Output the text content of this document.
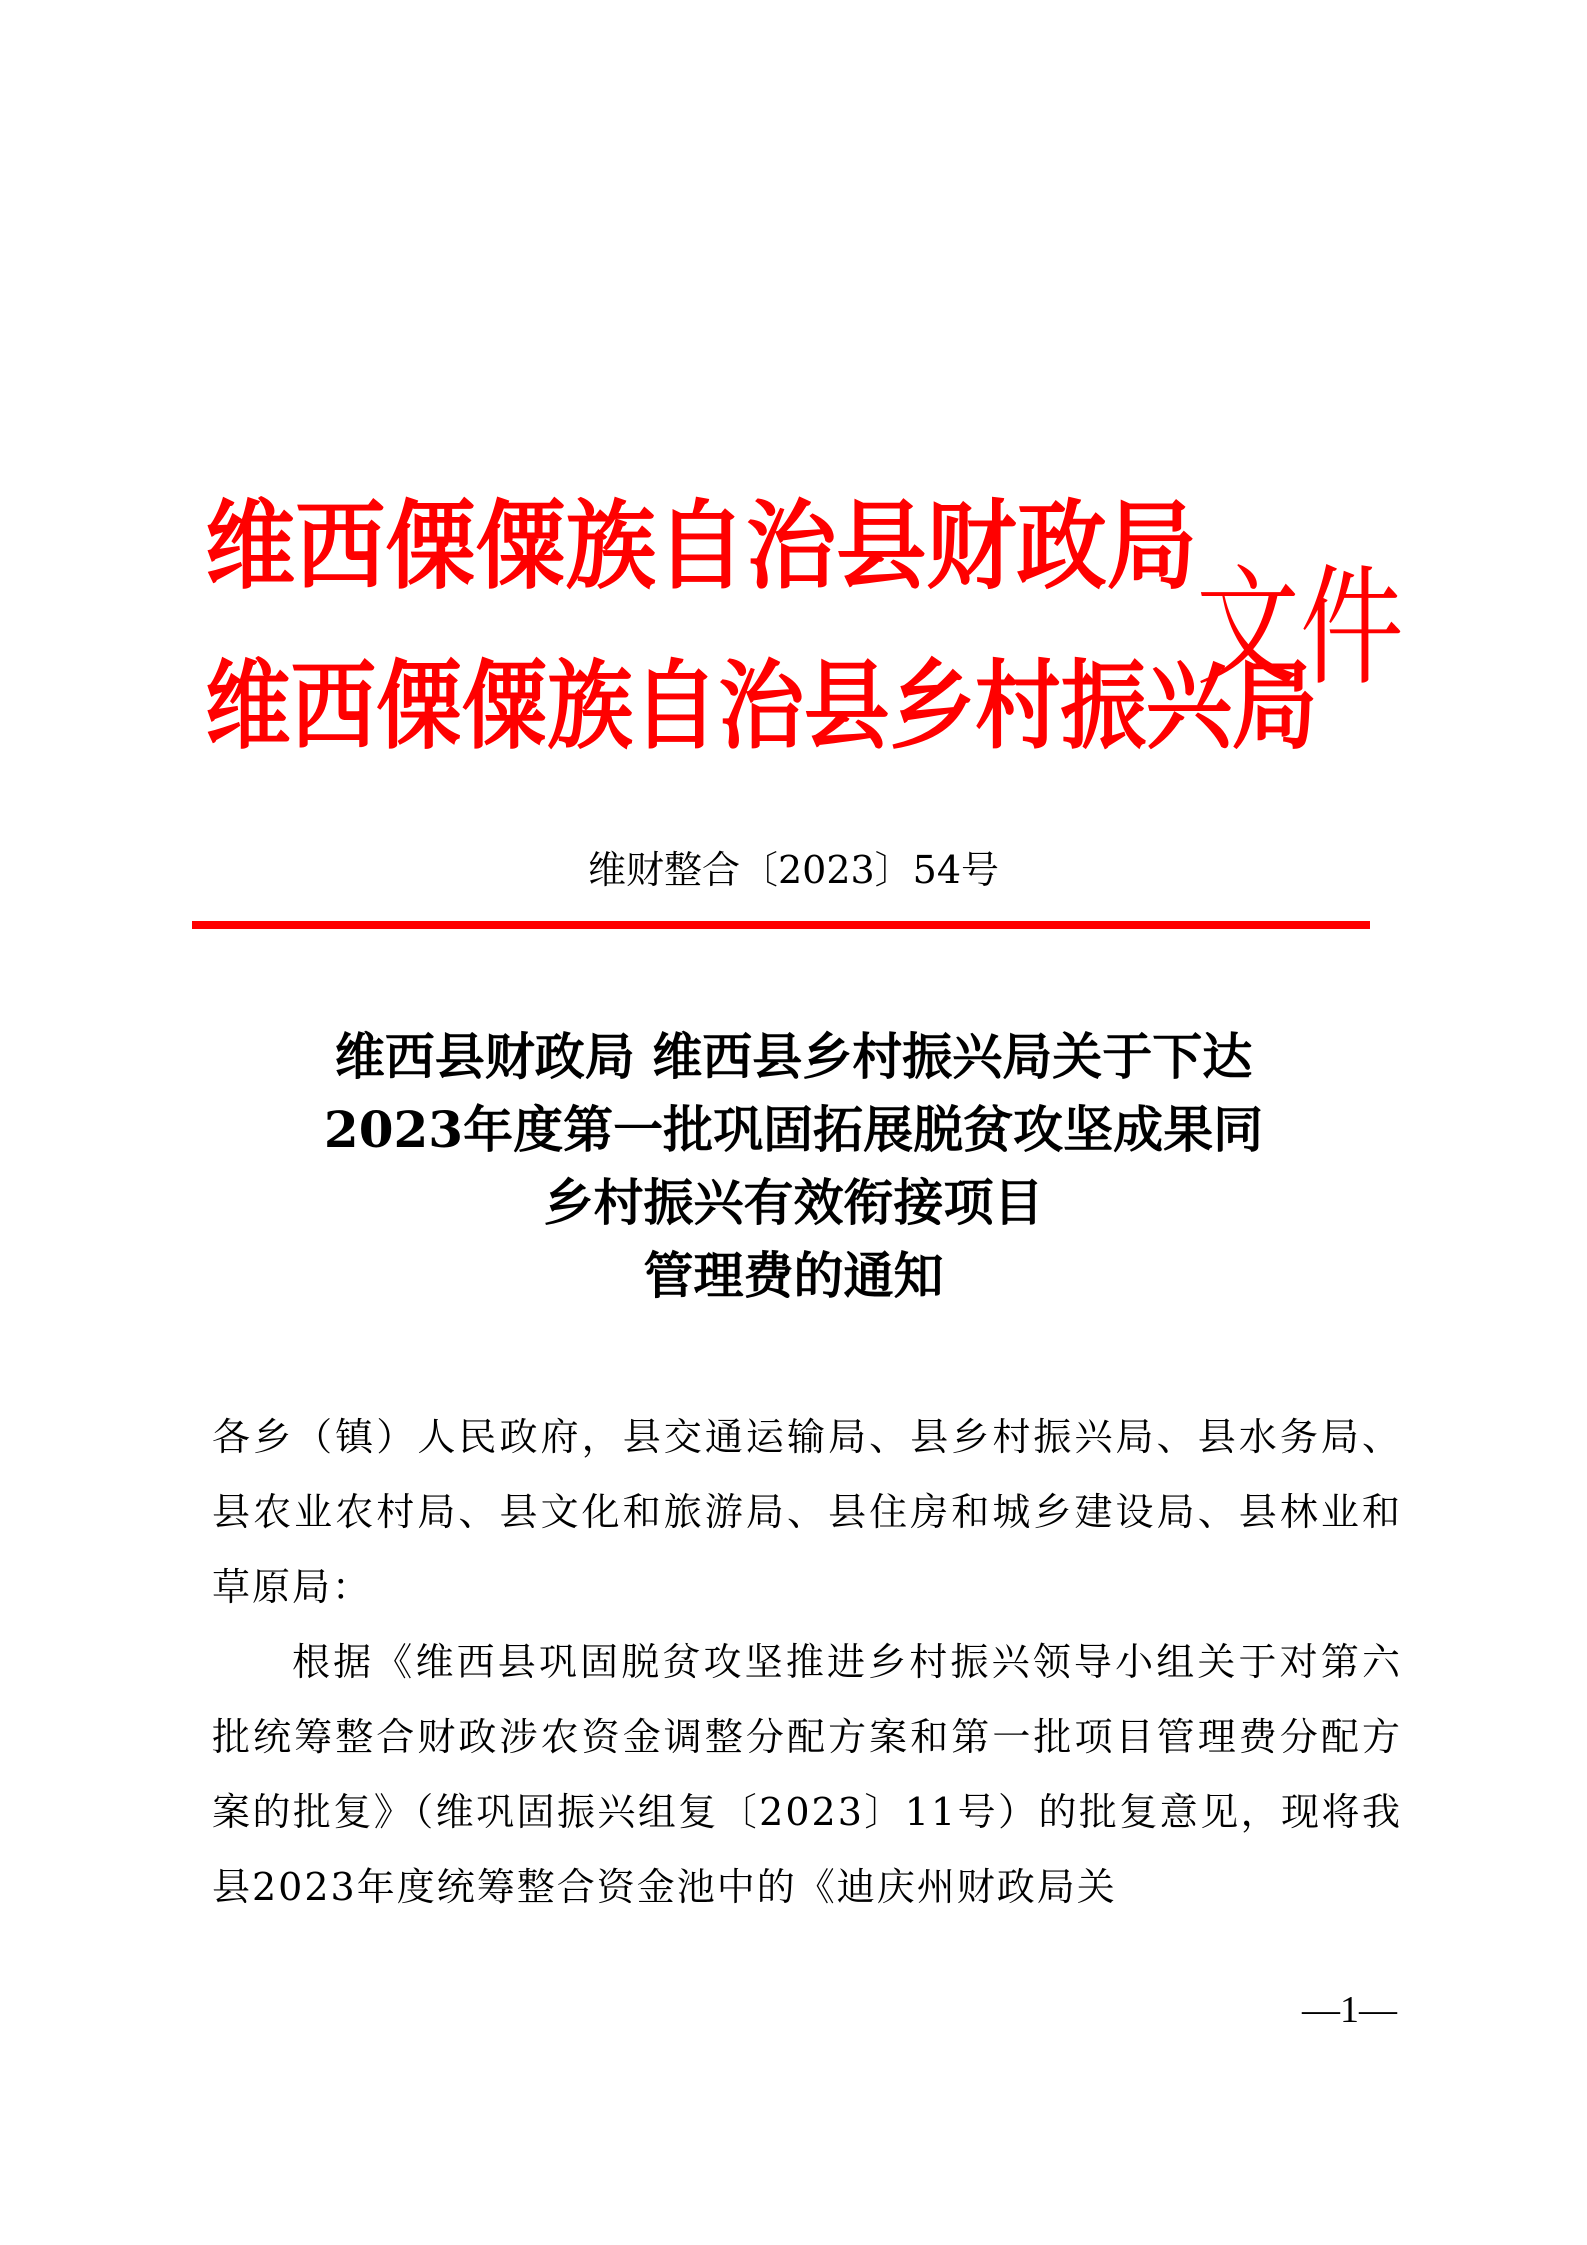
维西傈僳族自治县财政局
维西傈僳族自治县乡村振兴局
文件
维财整合〔2023〕54号
维西县财政局 维西县乡村振兴局关于下达
2023年度第一批巩固拓展脱贫攻坚成果同
乡村振兴有效衔接项目
管理费的通知

各乡（镇）人民政府，县交通运输局、县乡村振兴局、县水务局、县农业农村局、县文化和旅游局、县住房和城乡建设局、县林业和草原局：

根据《维西县巩固脱贫攻坚推进乡村振兴领导小组关于对第六批统筹整合财政涉农资金调整分配方案和第一批项目管理费分配方案的批复》（维巩固振兴组复〔2023〕11号）的批复意见，现将我县2023年度统筹整合资金池中的《迪庆州财政局关

—1—
